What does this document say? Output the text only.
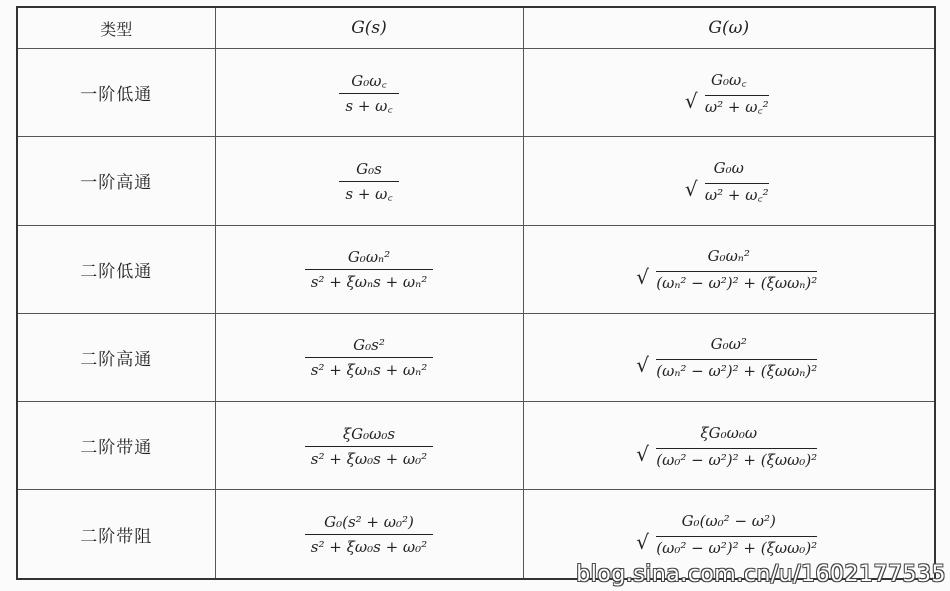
类型	G(s)	G(ω)
一阶低通	$\frac{\text{G₀ω꜀}}{s + \omega꜀}$	G₀ω꜀
√ ω² + ω꜀²

一阶高通	$\frac{\text{G₀s}}{s + \omega꜀}$	G₀ω
√ ω² + ω꜀²

二阶低通	$\frac{\text{G₀ωₙ²}}{\text{s² + ξωₙs + ωₙ²}}$	G₀ωₙ²
√ (ωₙ² − ω²)² + (ξωωₙ)²

二阶高通	$\frac{\text{G₀s²}}{\text{s² + ξωₙs + ωₙ²}}$	G₀ω²
√ (ωₙ² − ω²)² + (ξωωₙ)²

二阶带通	$\frac{\text{ξG₀ω₀s}}{\text{s² + ξω₀s + ω₀²}}$	ξG₀ω₀ω
√ (ω₀² − ω²)² + (ξωω₀)²

二阶带阻	$\frac{\text{G₀(s² + ω₀²)}}{\text{s² + ξω₀s + ω₀²}}$	G₀(ω₀² − ω²)
√ (ω₀² − ω²)² + (ξωω₀)²
blog.sina.com.cn/u/1602177535
